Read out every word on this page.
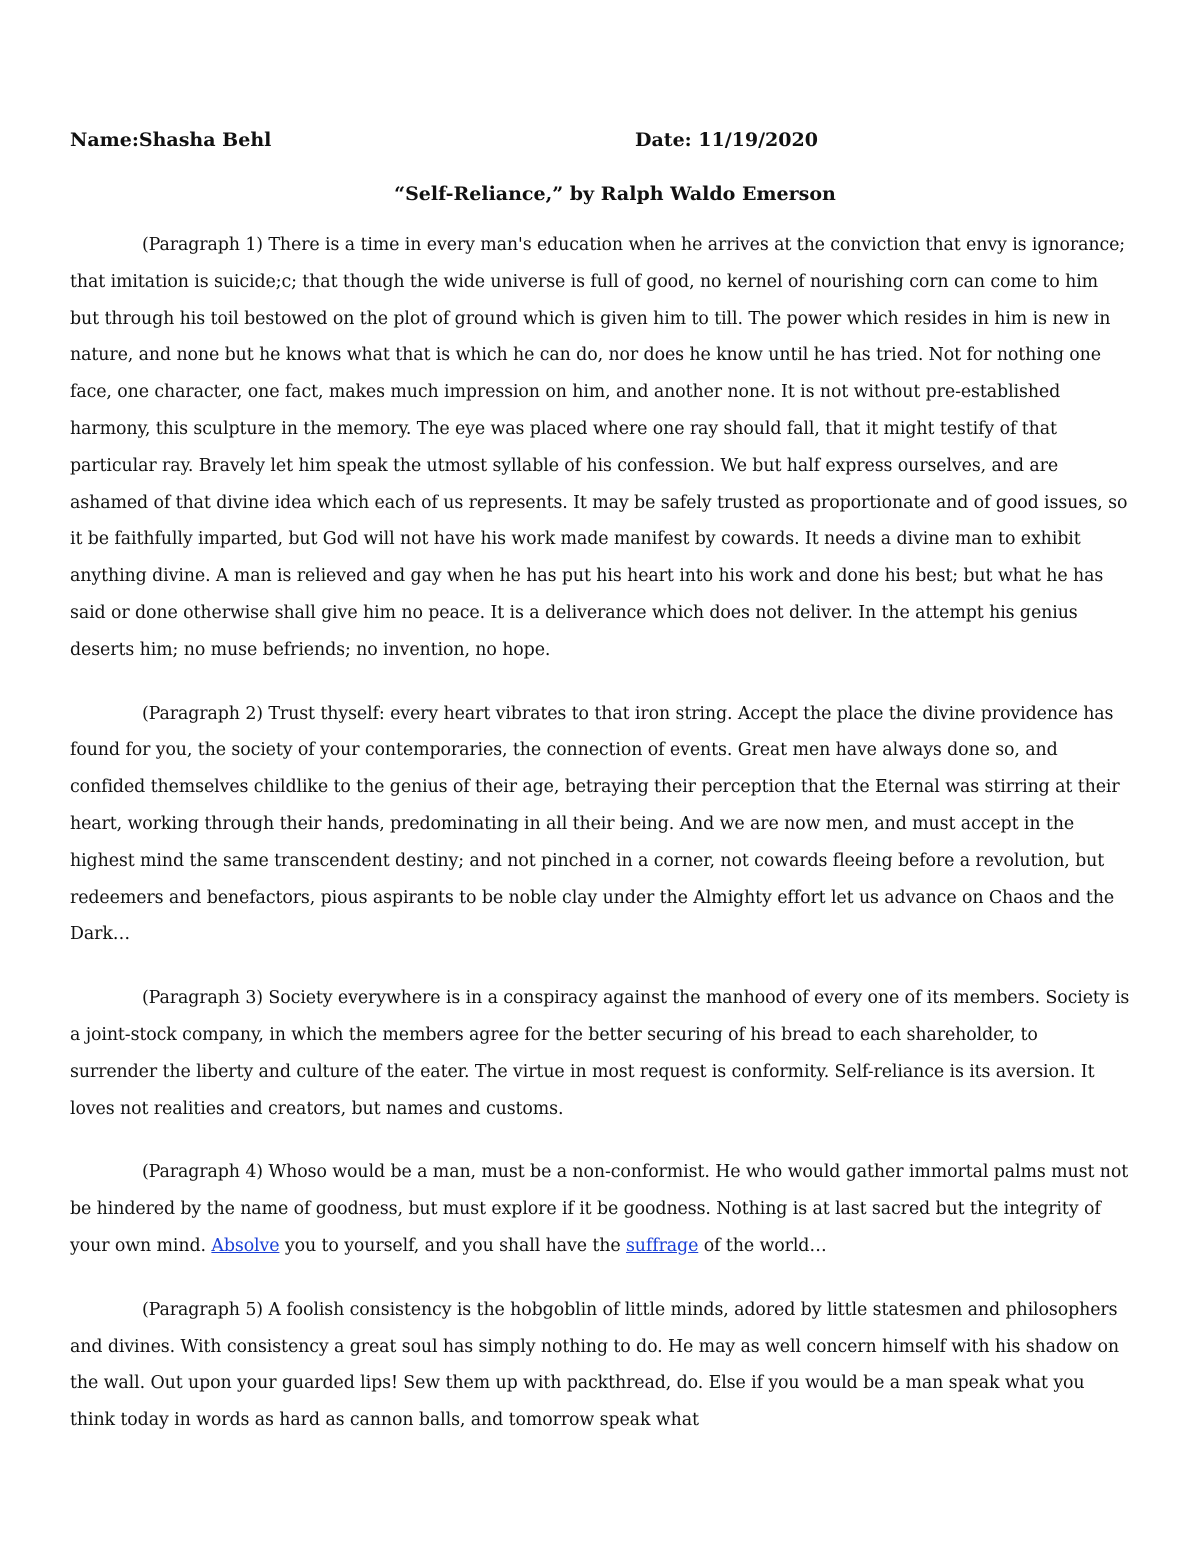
Name:Shasha Behl	Date: 11/19/2020
“Self-Reliance,” by Ralph Waldo Emerson

(Paragraph 1) There is a time in every man's education when he arrives at the conviction that envy is ignorance; that imitation is suicide;c; that though the wide universe is full of good, no kernel of nourishing corn can come to him but through his toil bestowed on the plot of ground which is given him to till. The power which resides in him is new in nature, and none but he knows what that is which he can do, nor does he know until he has tried. Not for nothing one face, one character, one fact, makes much impression on him, and another none. It is not without pre-established harmony, this sculpture in the memory. The eye was placed where one ray should fall, that it might testify of that particular ray. Bravely let him speak the utmost syllable of his confession. We but half express ourselves, and are ashamed of that divine idea which each of us represents. It may be safely trusted as proportionate and of good issues, so it be faithfully imparted, but God will not have his work made manifest by cowards. It needs a divine man to exhibit anything divine. A man is relieved and gay when he has put his heart into his work and done his best; but what he has said or done otherwise shall give him no peace. It is a deliverance which does not deliver. In the attempt his genius deserts him; no muse befriends; no invention, no hope.

(Paragraph 2) Trust thyself: every heart vibrates to that iron string. Accept the place the divine providence has found for you, the society of your contemporaries, the connection of events. Great men have always done so, and confided themselves childlike to the genius of their age, betraying their perception that the Eternal was stirring at their heart, working through their hands, predominating in all their being. And we are now men, and must accept in the highest mind the same transcendent destiny; and not pinched in a corner, not cowards fleeing before a revolution, but redeemers and benefactors, pious aspirants to be noble clay under the Almighty effort let us advance on Chaos and the Dark…

(Paragraph 3) Society everywhere is in a conspiracy against the manhood of every one of its members. Society is a joint-stock company, in which the members agree for the better securing of his bread to each shareholder, to surrender the liberty and culture of the eater. The virtue in most request is conformity. Self-reliance is its aversion. It loves not realities and creators, but names and customs.

(Paragraph 4) Whoso would be a man, must be a non-conformist. He who would gather immortal palms must not be hindered by the name of goodness, but must explore if it be goodness. Nothing is at last sacred but the integrity of your own mind. Absolve you to yourself, and you shall have the suffrage of the world…

(Paragraph 5) A foolish consistency is the hobgoblin of little minds, adored by little statesmen and philosophers and divines. With consistency a great soul has simply nothing to do. He may as well concern himself with his shadow on the wall. Out upon your guarded lips! Sew them up with packthread, do. Else if you would be a man speak what you think today in words as hard as cannon balls, and tomorrow speak what
